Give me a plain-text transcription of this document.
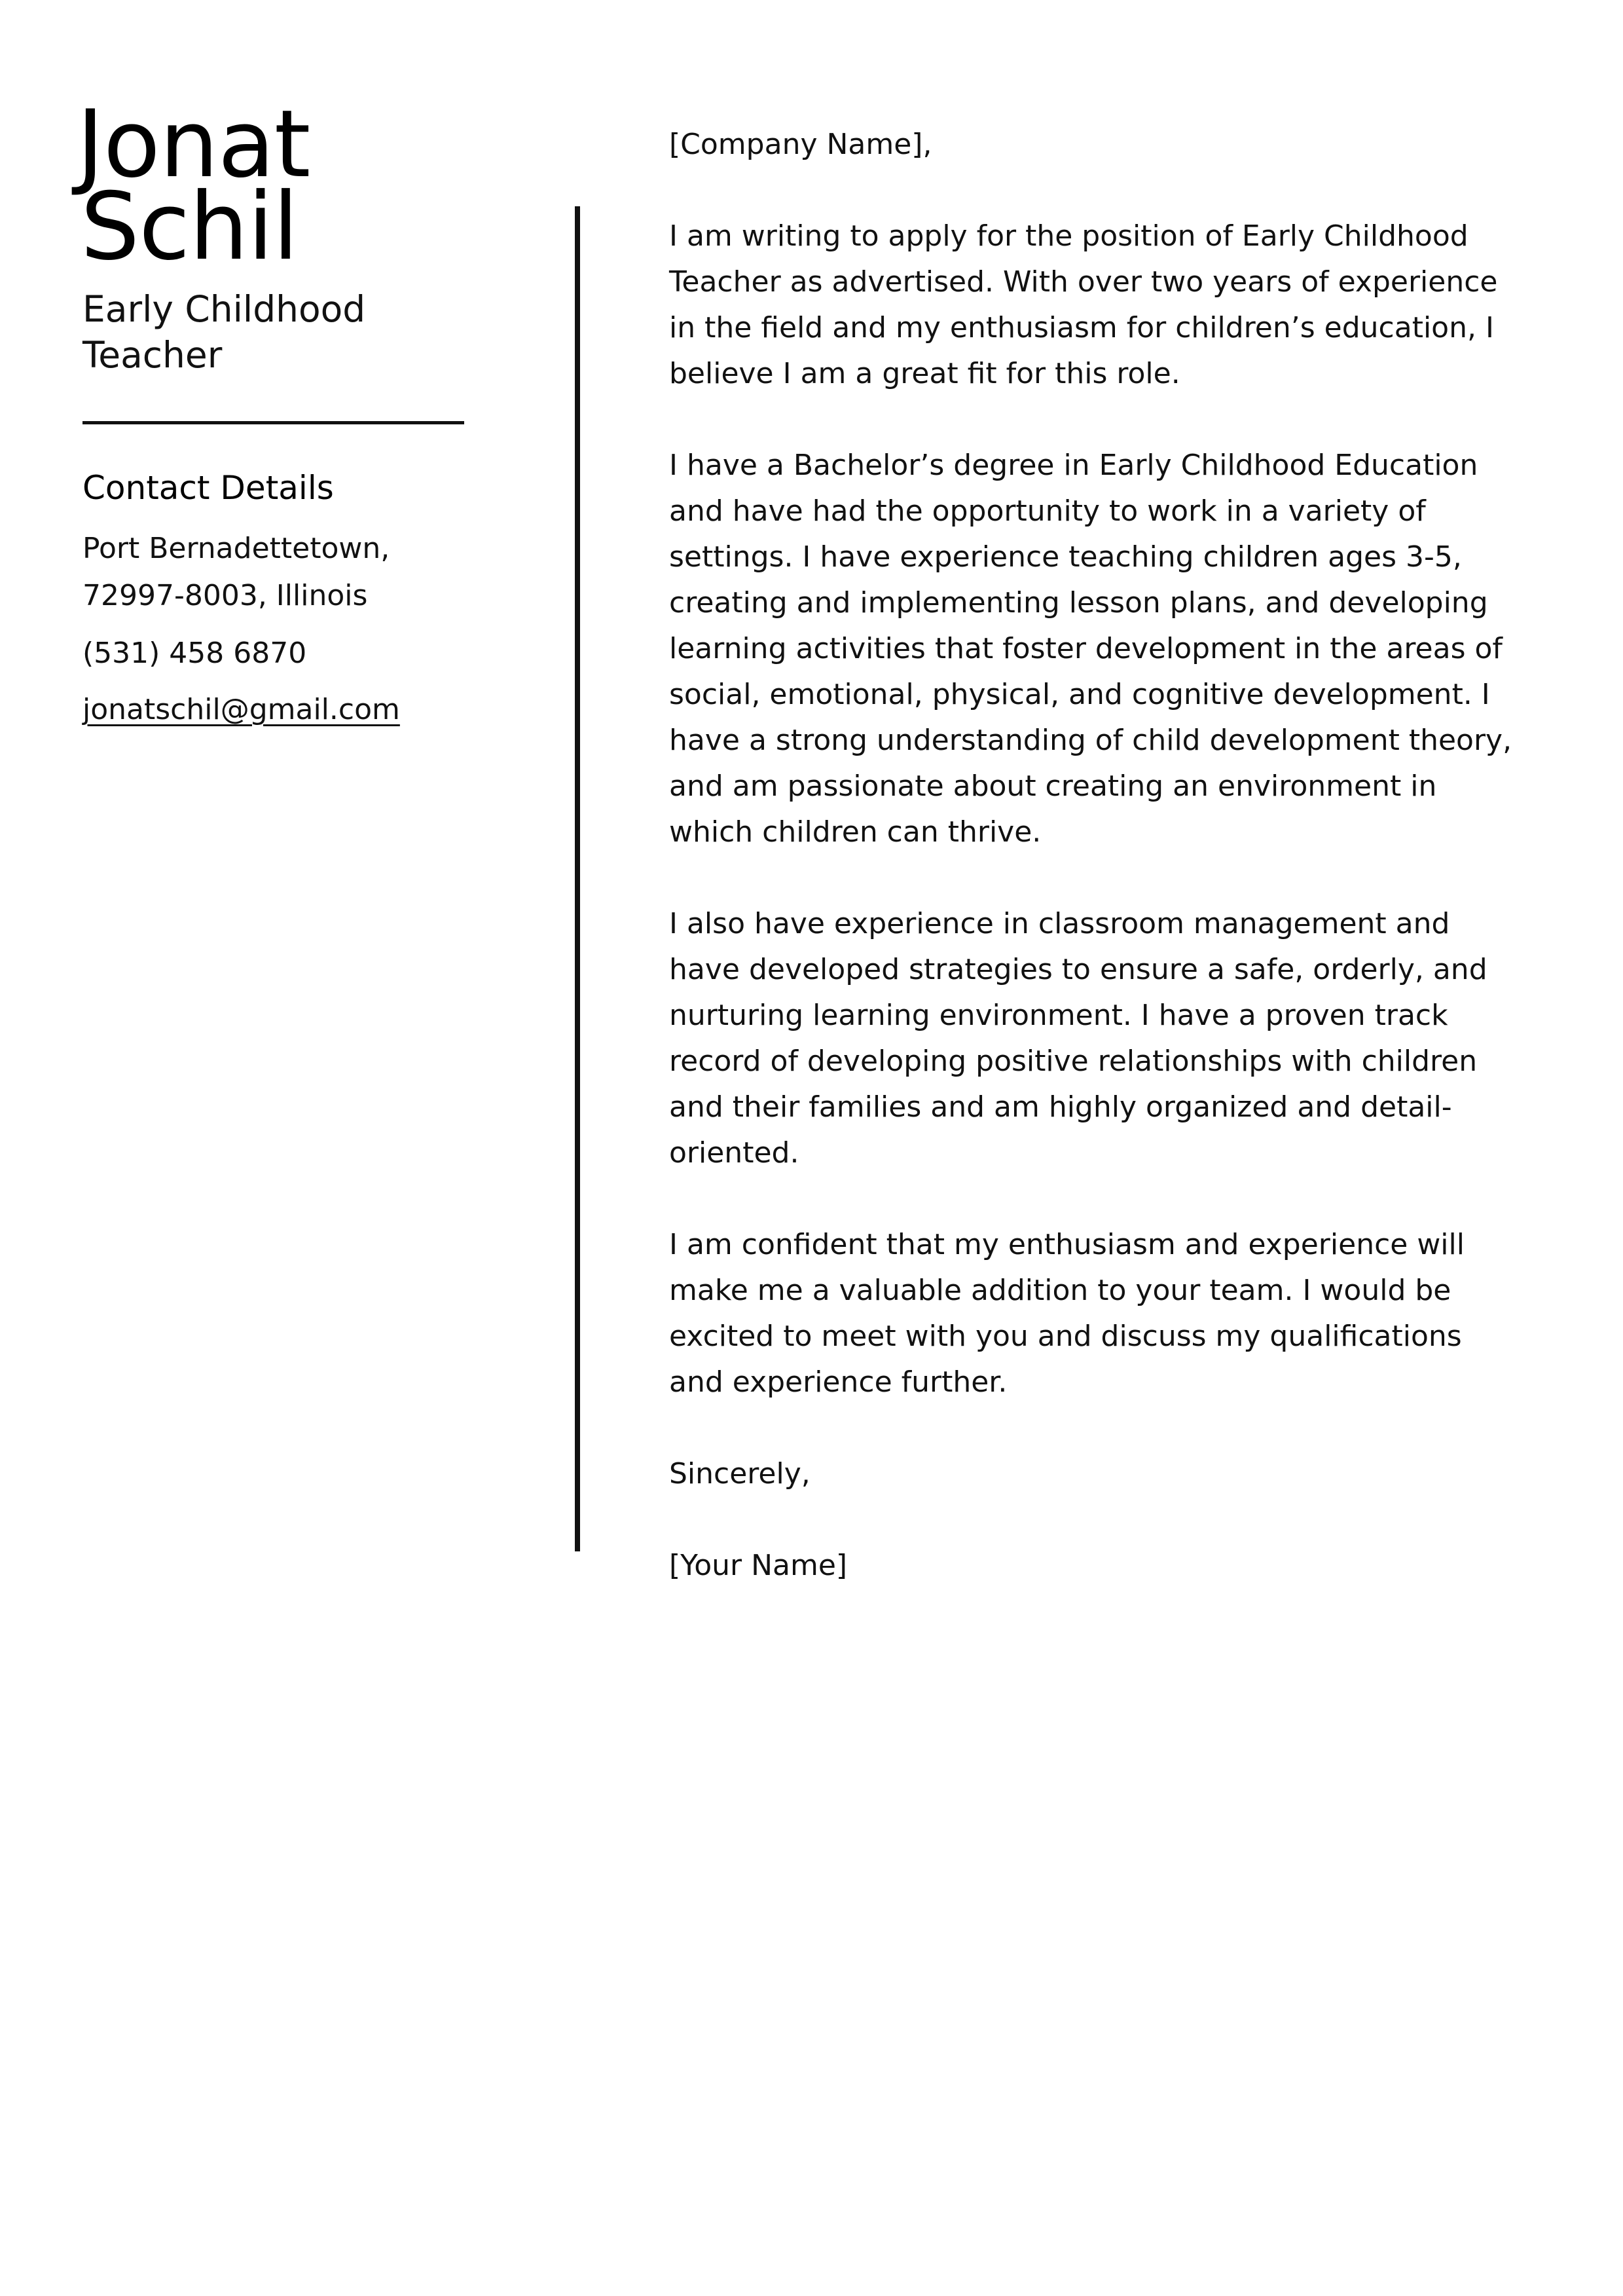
Jonat
Schil
Early Childhood Teacher
Contact Details
Port Bernadettetown,
72997-8003, Illinois
(531) 458 6870
jonatschil@gmail.com

[Company Name],

I am writing to apply for the position of Early Childhood Teacher as advertised. With over two years of experience in the field and my enthusiasm for children’s education, I believe I am a great fit for this role.

I have a Bachelor’s degree in Early Childhood Education and have had the opportunity to work in a variety of settings. I have experience teaching children ages 3-5, creating and implementing lesson plans, and developing learning activities that foster development in the areas of social, emotional, physical, and cognitive development. I have a strong understanding of child development theory, and am passionate about creating an environment in which children can thrive.

I also have experience in classroom management and have developed strategies to ensure a safe, orderly, and nurturing learning environment. I have a proven track record of developing positive relationships with children and their families and am highly organized and detail-oriented.

I am confident that my enthusiasm and experience will make me a valuable addition to your team. I would be excited to meet with you and discuss my qualifications and experience further.

Sincerely,

[Your Name]
